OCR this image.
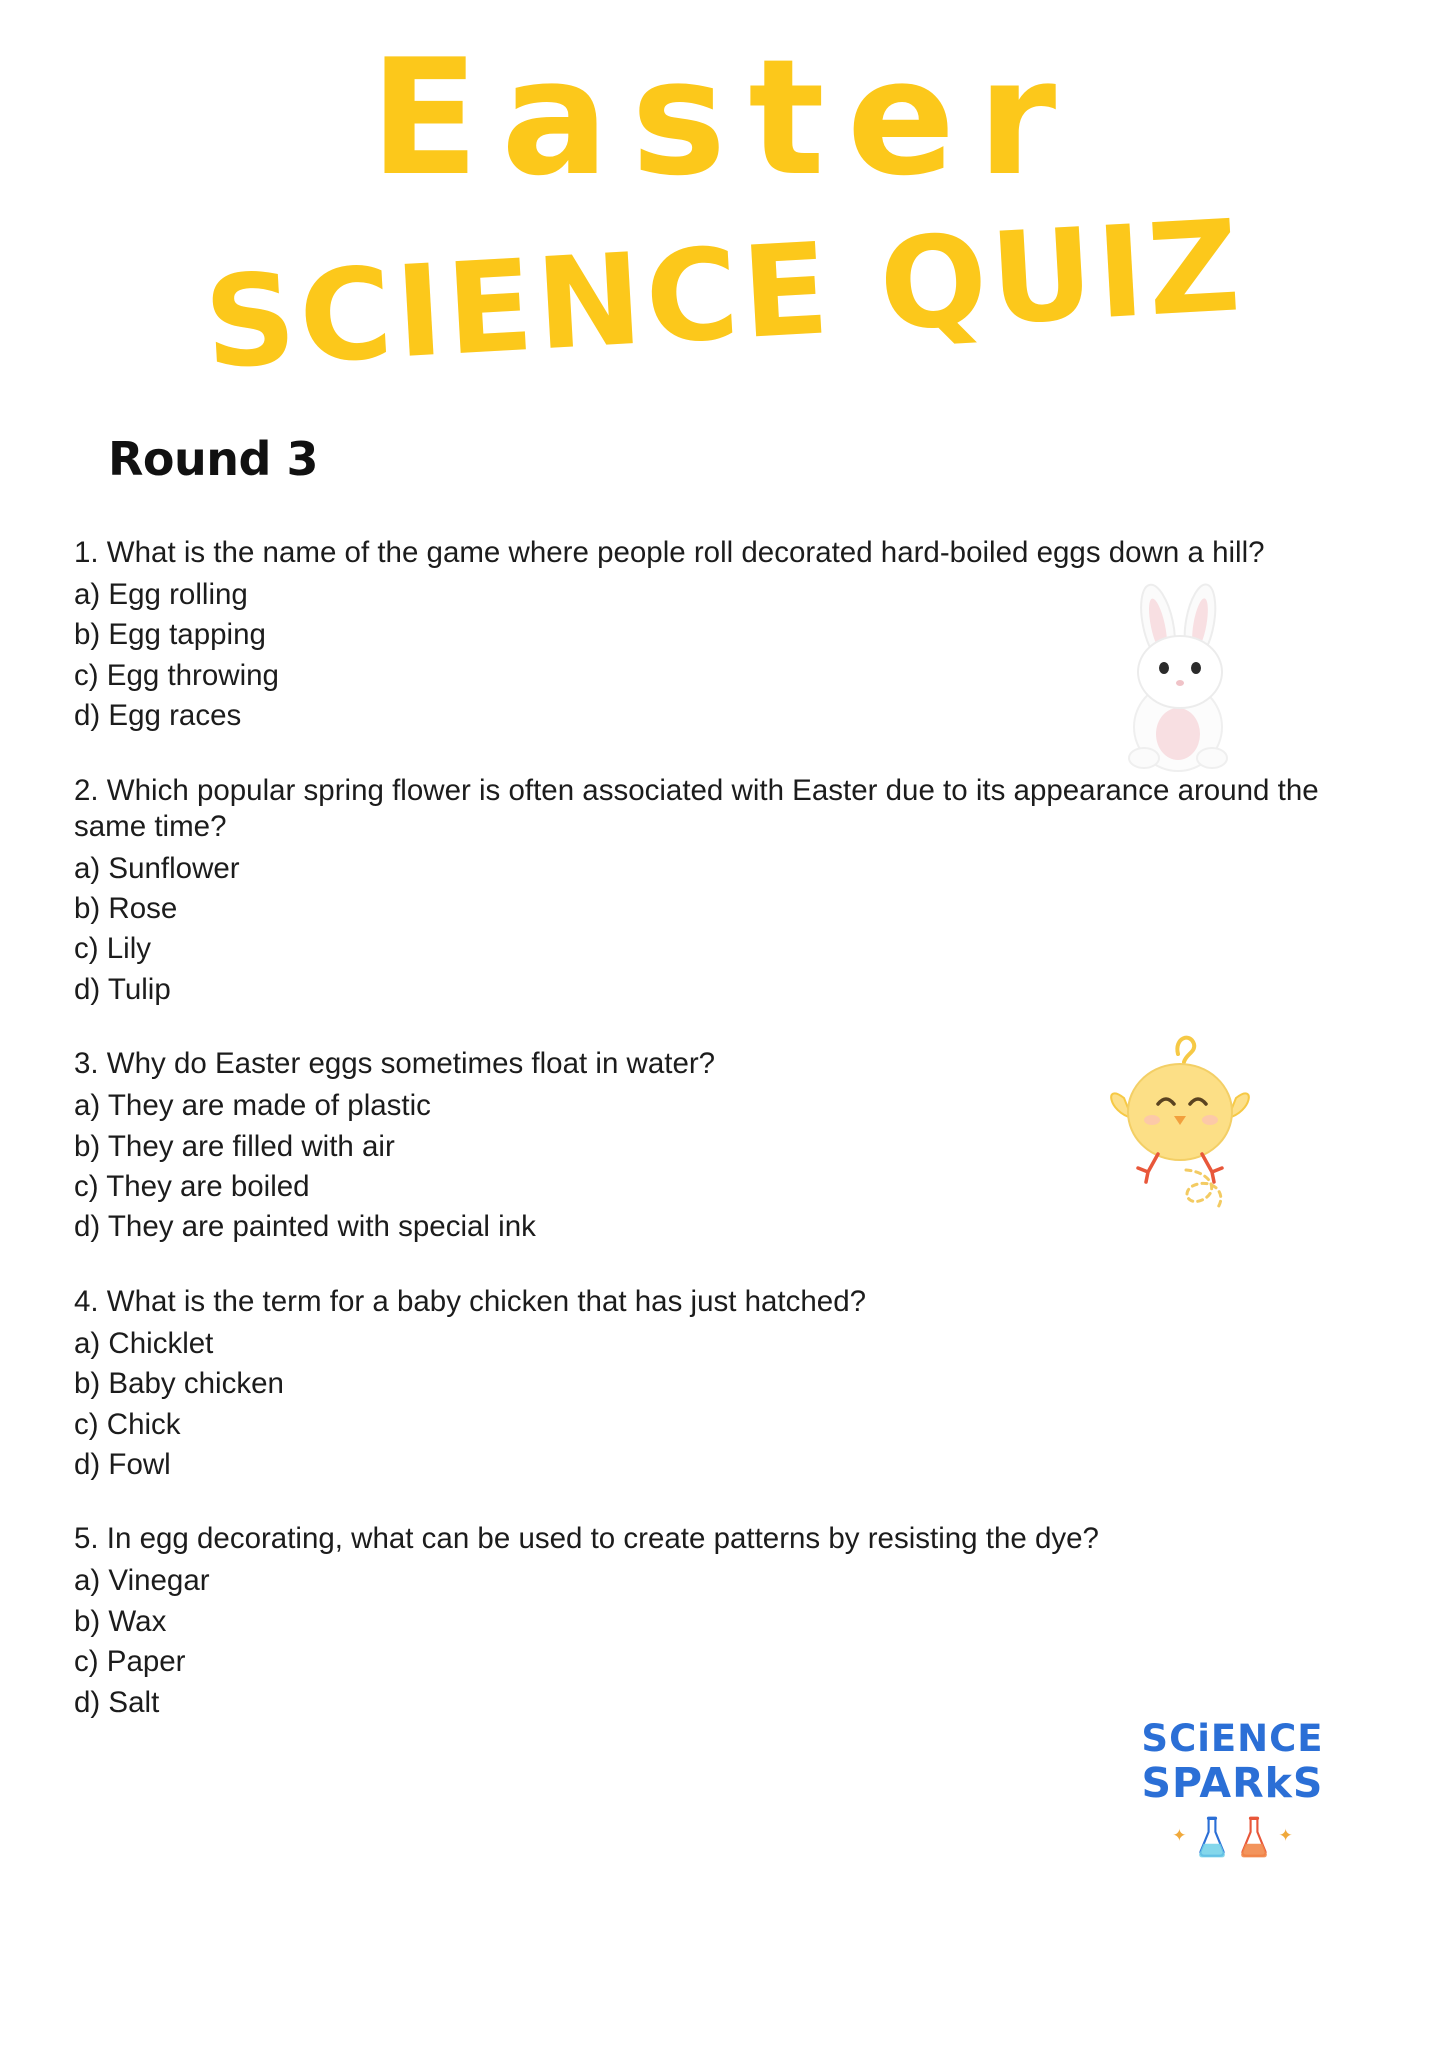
Easter
SCIENCE QUIZ
Round 3
1. What is the name of the game where people roll decorated hard-boiled eggs down a hill?
a) Egg rolling
b) Egg tapping
c) Egg throwing
d) Egg races
2. Which popular spring flower is often associated with Easter due to its appearance around the same time?
a) Sunflower
b) Rose
c) Lily
d) Tulip
3. Why do Easter eggs sometimes float in water?
a) They are made of plastic
b) They are filled with air
c) They are boiled
d) They are painted with special ink
4. What is the term for a baby chicken that has just hatched?
a) Chicklet
b) Baby chicken
c) Chick
d) Fowl
5. In egg decorating, what can be used to create patterns by resisting the dye?
a) Vinegar
b) Wax
c) Paper
d) Salt
SCiENCE
SPARkS
✦	✦
